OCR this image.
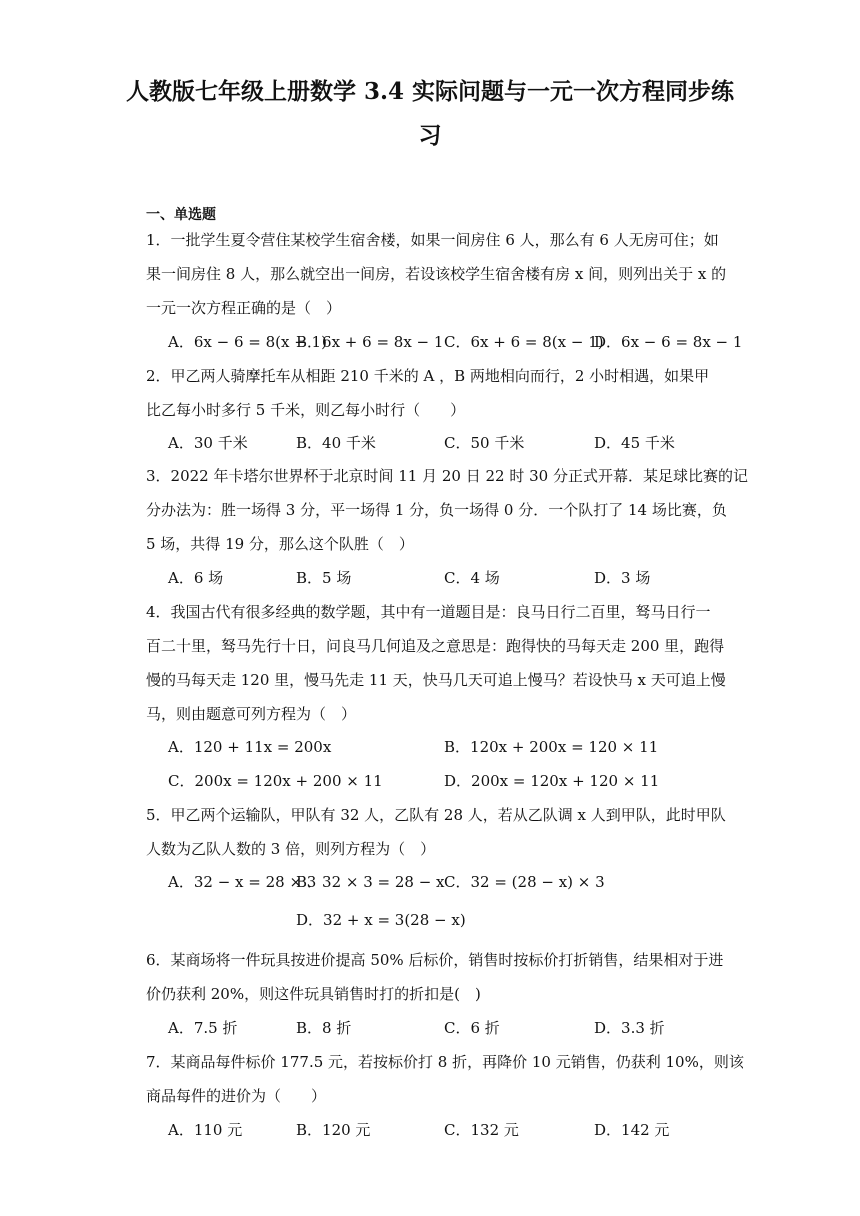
人教版七年级上册数学 3.4 实际问题与一元一次方程同步练
习
一、单选题
1．一批学生夏令营住某校学生宿舍楼，如果一间房住 6 人，那么有 6 人无房可住；如
果一间房住 8 人，那么就空出一间房，若设该校学生宿舍楼有房 x 间，则列出关于 x 的
一元一次方程正确的是（　）
A．6x − 6 = 8(x − 1)
B．6x + 6 = 8x − 1 C．6x + 6 = 8(x − 1)
D．6x − 6 = 8x − 1
2．甲乙两人骑摩托车从相距 210 千米的 A ，B 两地相向而行，2 小时相遇，如果甲
比乙每小时多行 5 千米，则乙每小时行（　　）
A．30 千米	B．40 千米	C．50 千米	D．45 千米
3．2022 年卡塔尔世界杯于北京时间 11 月 20 日 22 时 30 分正式开幕．某足球比赛的记
分办法为：胜一场得 3 分，平一场得 1 分，负一场得 0 分．一个队打了 14 场比赛，负
5 场，共得 19 分，那么这个队胜（　）
A．6 场	B．5 场	C．4 场	D．3 场
4．我国古代有很多经典的数学题，其中有一道题目是：良马日行二百里，驽马日行一
百二十里，驽马先行十日，问良马几何追及之意思是：跑得快的马每天走 200 里，跑得
慢的马每天走 120 里，慢马先走 11 天，快马几天可追上慢马？若设快马 x 天可追上慢
马，则由题意可列方程为（　）
A．120 + 11x = 200x	B．120x + 200x = 120 × 11
C．200x = 120x + 200 × 11	D．200x = 120x + 120 × 11
5．甲乙两个运输队，甲队有 32 人，乙队有 28 人，若从乙队调 x 人到甲队，此时甲队
人数为乙队人数的 3 倍，则列方程为（　）
A．32 − x = 28 × 3
B．32 × 3 = 28 − x C．32 = (28 − x) × 3
D．32 + x = 3(28 − x)
6．某商场将一件玩具按进价提高 50% 后标价，销售时按标价打折销售，结果相对于进
价仍获利 20%，则这件玩具销售时打的折扣是(　)
A．7.5 折	B．8 折	C．6 折	D．3.3 折
7．某商品每件标价 177.5 元，若按标价打 8 折，再降价 10 元销售，仍获利 10%，则该
商品每件的进价为（　　）
A．110 元	B．120 元	C．132 元	D．142 元
